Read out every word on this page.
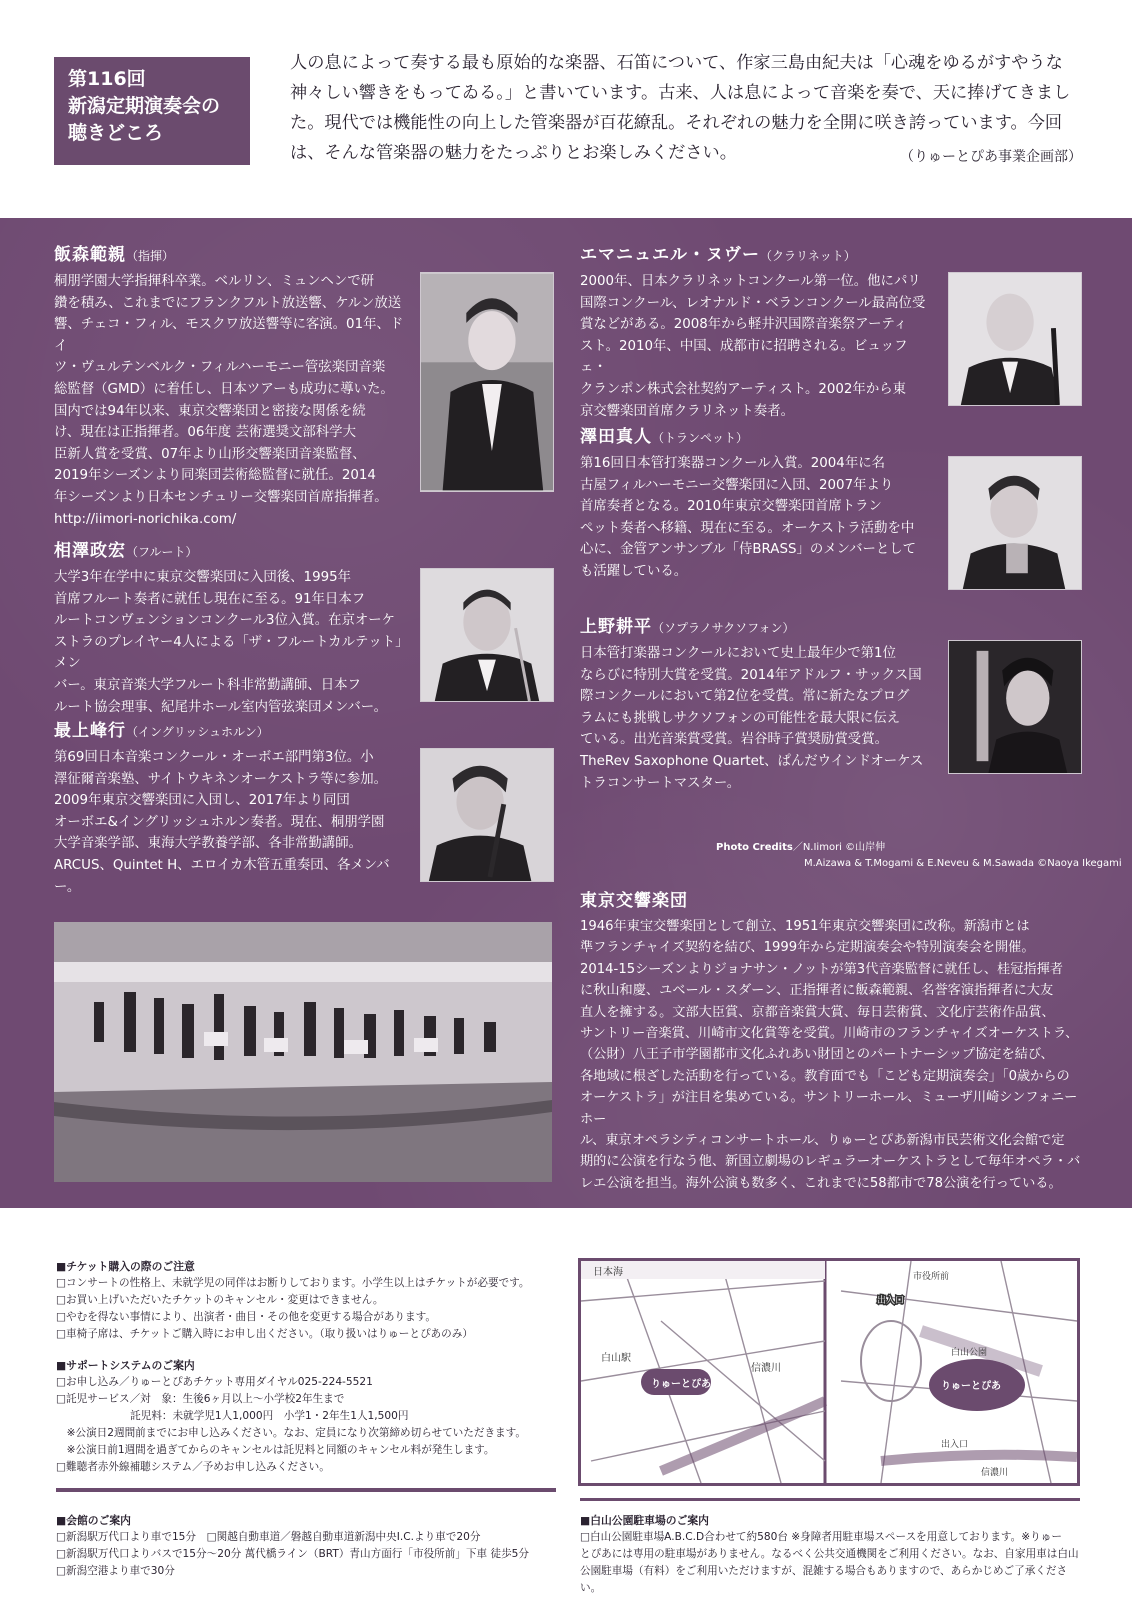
第116回
新潟定期演奏会の
聴きどころ
人の息によって奏する最も原始的な楽器、石笛について、作家三島由紀夫は「心魂をゆるがすやうな神々しい響きをもってゐる。」と書いています。古来、人は息によって音楽を奏で、天に捧げてきました。現代では機能性の向上した管楽器が百花繚乱。それぞれの魅力を全開に咲き誇っています。今回は、そんな管楽器の魅力をたっぷりとお楽しみください。	（りゅーとぴあ事業企画部）
飯森範親（指揮）

桐朋学園大学指揮科卒業。ベルリン、ミュンヘンで研
鑽を積み、これまでにフランクフルト放送響、ケルン放送
響、チェコ・フィル、モスクワ放送響等に客演。01年、ドイ
ツ・ヴュルテンベルク・フィルハーモニー管弦楽団音楽
総監督（GMD）に着任し、日本ツアーも成功に導いた。
国内では94年以来、東京交響楽団と密接な関係を続
け、現在は正指揮者。06年度 芸術選奨文部科学大
臣新人賞を受賞、07年より山形交響楽団音楽監督、
2019年シーズンより同楽団芸術総監督に就任。2014
年シーズンより日本センチュリー交響楽団首席指揮者。
http://iimori-norichika.com/

相澤政宏（フルート）

大学3年在学中に東京交響楽団に入団後、1995年
首席フルート奏者に就任し現在に至る。91年日本フ
ルートコンヴェンションコンクール3位入賞。在京オーケ
ストラのプレイヤー4人による「ザ・フルートカルテット」メン
バー。東京音楽大学フルート科非常勤講師、日本フ
ルート協会理事、紀尾井ホール室内管弦楽団メンバー。

最上峰行（イングリッシュホルン）

第69回日本音楽コンクール・オーボエ部門第3位。小
澤征爾音楽塾、サイトウキネンオーケストラ等に参加。
2009年東京交響楽団に入団し、2017年より同団
オーボエ&イングリッシュホルン奏者。現在、桐朋学園
大学音楽学部、東海大学教養学部、各非常勤講師。
ARCUS、Quintet H、エロイカ木管五重奏団、各メンバー。

エマニュエル・ヌヴー（クラリネット）

2000年、日本クラリネットコンクール第一位。他にパリ
国際コンクール、レオナルド・ベランコンクール最高位受
賞などがある。2008年から軽井沢国際音楽祭アーティ
スト。2010年、中国、成都市に招聘される。ビュッフェ・
クランポン株式会社契約アーティスト。2002年から東
京交響楽団首席クラリネット奏者。

澤田真人（トランペット）

第16回日本管打楽器コンクール入賞。2004年に名
古屋フィルハーモニー交響楽団に入団、2007年より
首席奏者となる。2010年東京交響楽団首席トラン
ペット奏者へ移籍、現在に至る。オーケストラ活動を中
心に、金管アンサンブル「侍BRASS」のメンバーとして
も活躍している。

上野耕平（ソプラノサクソフォン）

日本管打楽器コンクールにおいて史上最年少で第1位
ならびに特別大賞を受賞。2014年アドルフ・サックス国
際コンクールにおいて第2位を受賞。常に新たなプログ
ラムにも挑戦しサクソフォンの可能性を最大限に伝え
ている。出光音楽賞受賞。岩谷時子賞奨励賞受賞。
TheRev Saxophone Quartet、ぱんだウインドオーケス
トラコンサートマスター。

Photo Credits／N.Iimori ©山岸伸
M.Aizawa & T.Mogami & E.Neveu & M.Sawada ©Naoya Ikegami
東京交響楽団

1946年東宝交響楽団として創立、1951年東京交響楽団に改称。新潟市とは
準フランチャイズ契約を結び、1999年から定期演奏会や特別演奏会を開催。
2014-15シーズンよりジョナサン・ノットが第3代音楽監督に就任し、桂冠指揮者
に秋山和慶、ユベール・スダーン、正指揮者に飯森範親、名誉客演指揮者に大友
直人を擁する。文部大臣賞、京都音楽賞大賞、毎日芸術賞、文化庁芸術作品賞、
サントリー音楽賞、川崎市文化賞等を受賞。川崎市のフランチャイズオーケストラ、
（公財）八王子市学園都市文化ふれあい財団とのパートナーシップ協定を結び、
各地域に根ざした活動を行っている。教育面でも「こども定期演奏会」「0歳からの
オーケストラ」が注目を集めている。サントリーホール、ミューザ川崎シンフォニーホー
ル、東京オペラシティコンサートホール、りゅーとぴあ新潟市民芸術文化会館で定
期的に公演を行なう他、新国立劇場のレギュラーオーケストラとして毎年オペラ・バ
レエ公演を担当。海外公演も数多く、これまでに58都市で78公演を行っている。

■チケット購入の際のご注意

□コンサートの性格上、未就学児の同伴はお断りしております。小学生以上はチケットが必要です。
□お買い上げいただいたチケットのキャンセル・変更はできません。
□やむを得ない事情により、出演者・曲目・その他を変更する場合があります。
□車椅子席は、チケットご購入時にお申し出ください。（取り扱いはりゅーとぴあのみ）

■サポートシステムのご案内

□お申し込み／りゅーとぴあチケット専用ダイヤル025-224-5521
□託児サービス／対　象：生後6ヶ月以上～小学校2年生まで
　　　　　　　託児料：未就学児1人1,000円　小学1・2年生1人1,500円
　※公演日2週間前までにお申し込みください。なお、定員になり次第締め切らせていただきます。
　※公演日前1週間を過ぎてからのキャンセルは託児料と同額のキャンセル料が発生します。
□難聴者赤外線補聴システム／予めお申し込みください。

■会館のご案内

□新潟駅万代口より車で15分　□関越自動車道／磐越自動車道新潟中央I.C.より車で20分
□新潟駅万代口よりバスで15分～20分 萬代橋ライン（BRT）青山方面行「市役所前」下車 徒歩5分
□新潟空港より車で30分

日本海
白山駅
りゅーとぴあ
信濃川
出入口
市役所前
りゅーとぴあ
白山公園
出入口
信濃川
■白山公園駐車場のご案内

□白山公園駐車場A.B.C.D合わせて約580台 ※身障者用駐車場スペースを用意しております。※りゅー
とぴあには専用の駐車場がありません。なるべく公共交通機関をご利用ください。なお、自家用車は白山
公園駐車場（有料）をご利用いただけますが、混雑する場合もありますので、あらかじめご了承ください。
